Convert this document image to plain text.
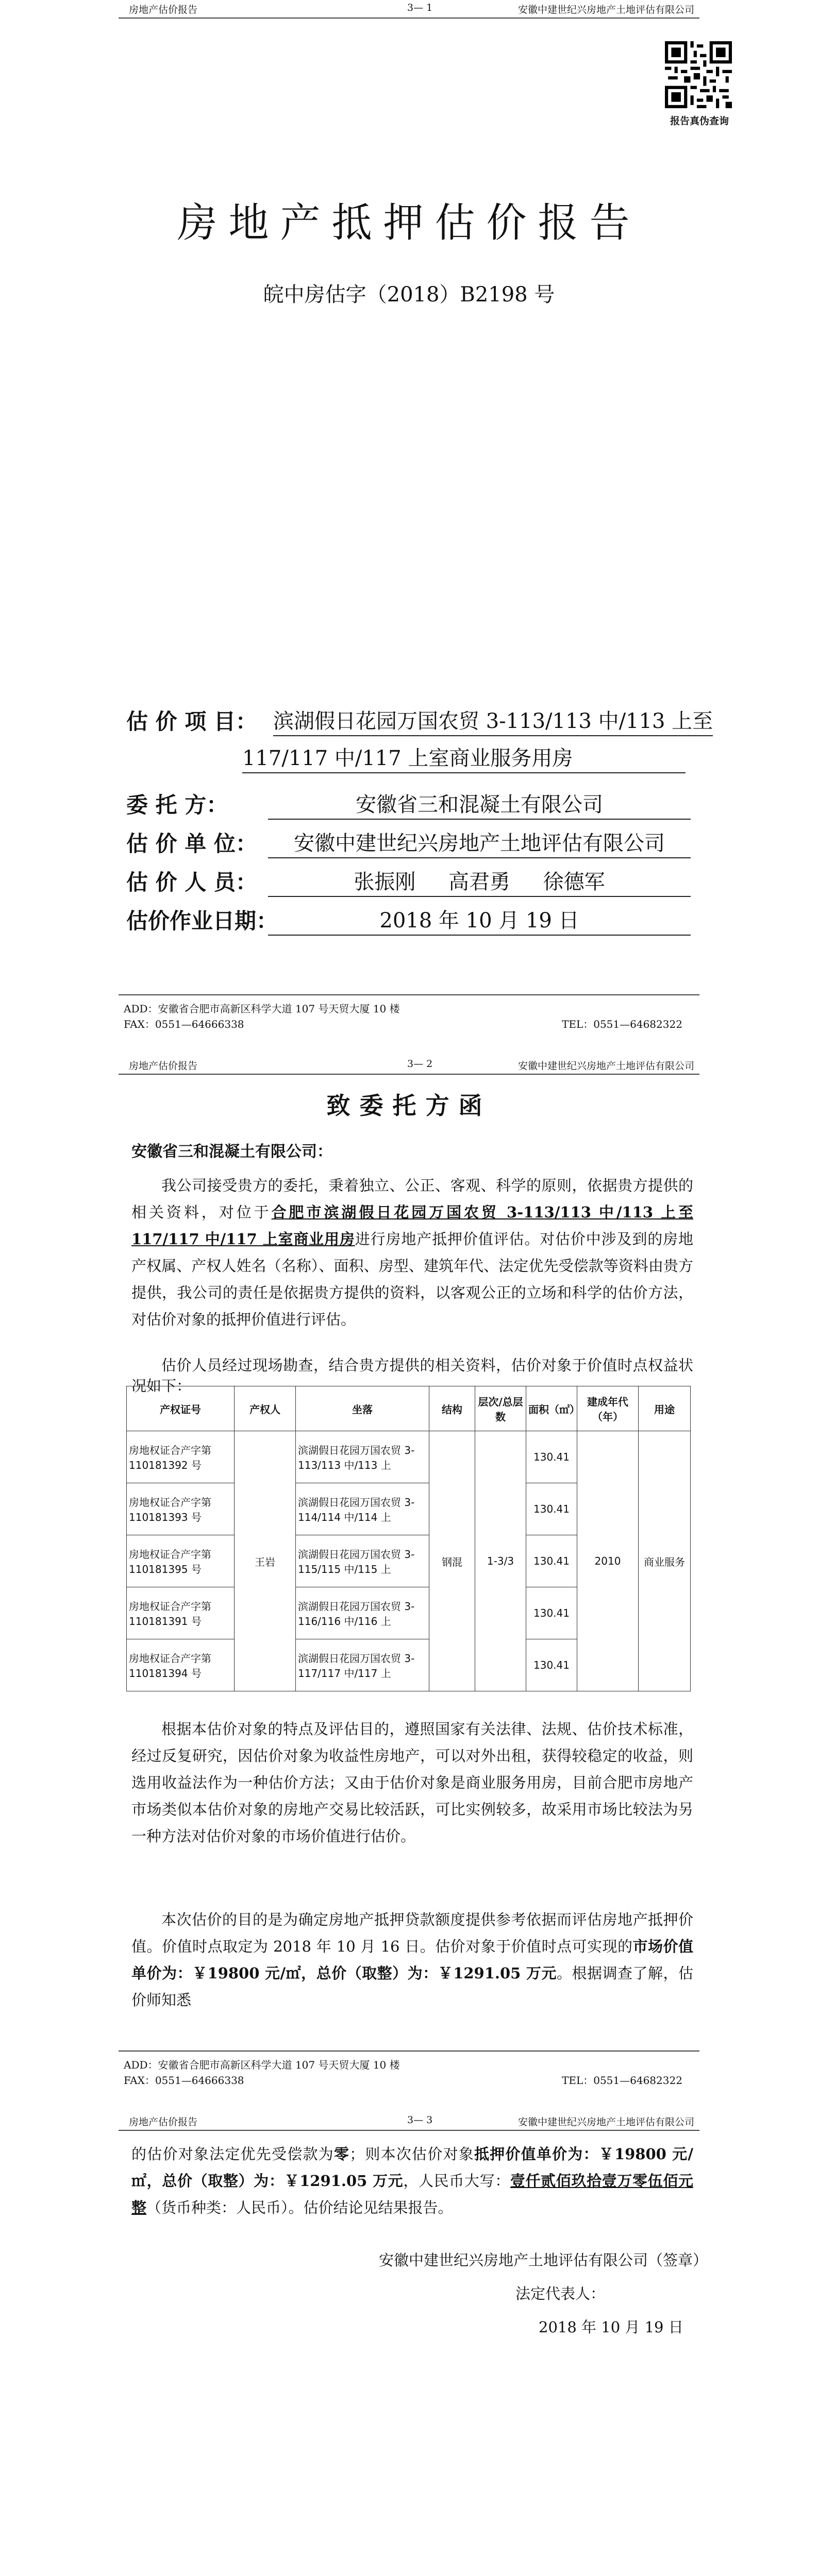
房地产估价报告	3— 1	安徽中建世纪兴房地产土地评估有限公司
报告真伪查询
房地产抵押估价报告
皖中房估字（2018）B2198 号
估 价 项 目： 滨湖假日花园万国农贸 3-113/113 中/113 上至
117/117 中/117 上室商业服务用房
委 托 方：	安徽省三和混凝土有限公司
估 价 单 位：	安徽中建世纪兴房地产土地评估有限公司
估 价 人 员：	张振刚 高君勇 徐德军
估价作业日期：	2018 年 10 月 19 日
ADD：安徽省合肥市高新区科学大道 107 号天贸大厦 10 楼
FAX：0551—64666338	TEL：0551—64682322
房地产估价报告	3— 2	安徽中建世纪兴房地产土地评估有限公司
致委托方函
安徽省三和混凝土有限公司：
我公司接受贵方的委托，秉着独立、公正、客观、科学的原则，依据贵方提供的相关资料，对位于合肥市滨湖假日花园万国农贸 3-113/113 中/113 上至 117/117 中/117 上室商业用房进行房地产抵押价值评估。对估价中涉及到的房地产权属、产权人姓名（名称）、面积、房型、建筑年代、法定优先受偿款等资料由贵方提供，我公司的责任是依据贵方提供的资料，以客观公正的立场和科学的估价方法，对估价对象的抵押价值进行评估。
估价人员经过现场勘查，结合贵方提供的相关资料，估价对象于价值时点权益状况如下：
ADD：安徽省合肥市高新区科学大道 107 号天贸大厦 10 楼
FAX：0551—64666338	TEL：0551—64682322
产权证号	产权人	坐落	结构	层次/总层数	面积（㎡）	建成年代（年）	用途
房地权证合产字第 110181392 号	王岩	滨湖假日花园万国农贸 3-113/113 中/113 上	钢混	1-3/3	130.41	2010	商业服务
房地权证合产字第 110181393 号		滨湖假日花园万国农贸 3-114/114 中/114 上			130.41		
房地权证合产字第 110181395 号		滨湖假日花园万国农贸 3-115/115 中/115 上			130.41		
房地权证合产字第 110181391 号		滨湖假日花园万国农贸 3-116/116 中/116 上			130.41		
房地权证合产字第 110181394 号		滨湖假日花园万国农贸 3-117/117 中/117 上			130.41		
根据本估价对象的特点及评估目的，遵照国家有关法律、法规、估价技术标准，经过反复研究，因估价对象为收益性房地产，可以对外出租，获得较稳定的收益，则选用收益法作为一种估价方法；又由于估价对象是商业服务用房，目前合肥市房地产市场类似本估价对象的房地产交易比较活跃，可比实例较多，故采用市场比较法为另一种方法对估价对象的市场价值进行估价。
本次估价的目的是为确定房地产抵押贷款额度提供参考依据而评估房地产抵押价值。价值时点取定为 2018 年 10 月 16 日。估价对象于价值时点可实现的市场价值单价为：￥19800 元/㎡，总价（取整）为：￥1291.05 万元。根据调查了解，估价师知悉
房地产估价报告	3— 3	安徽中建世纪兴房地产土地评估有限公司
的估价对象法定优先受偿款为零；则本次估价对象抵押价值单价为：￥19800 元/㎡，总价（取整）为：￥1291.05 万元，人民币大写：壹仟贰佰玖拾壹万零伍佰元整（货币种类：人民币）。估价结论见结果报告。
安徽中建世纪兴房地产土地评估有限公司（签章）
法定代表人：
2018 年 10 月 19 日
